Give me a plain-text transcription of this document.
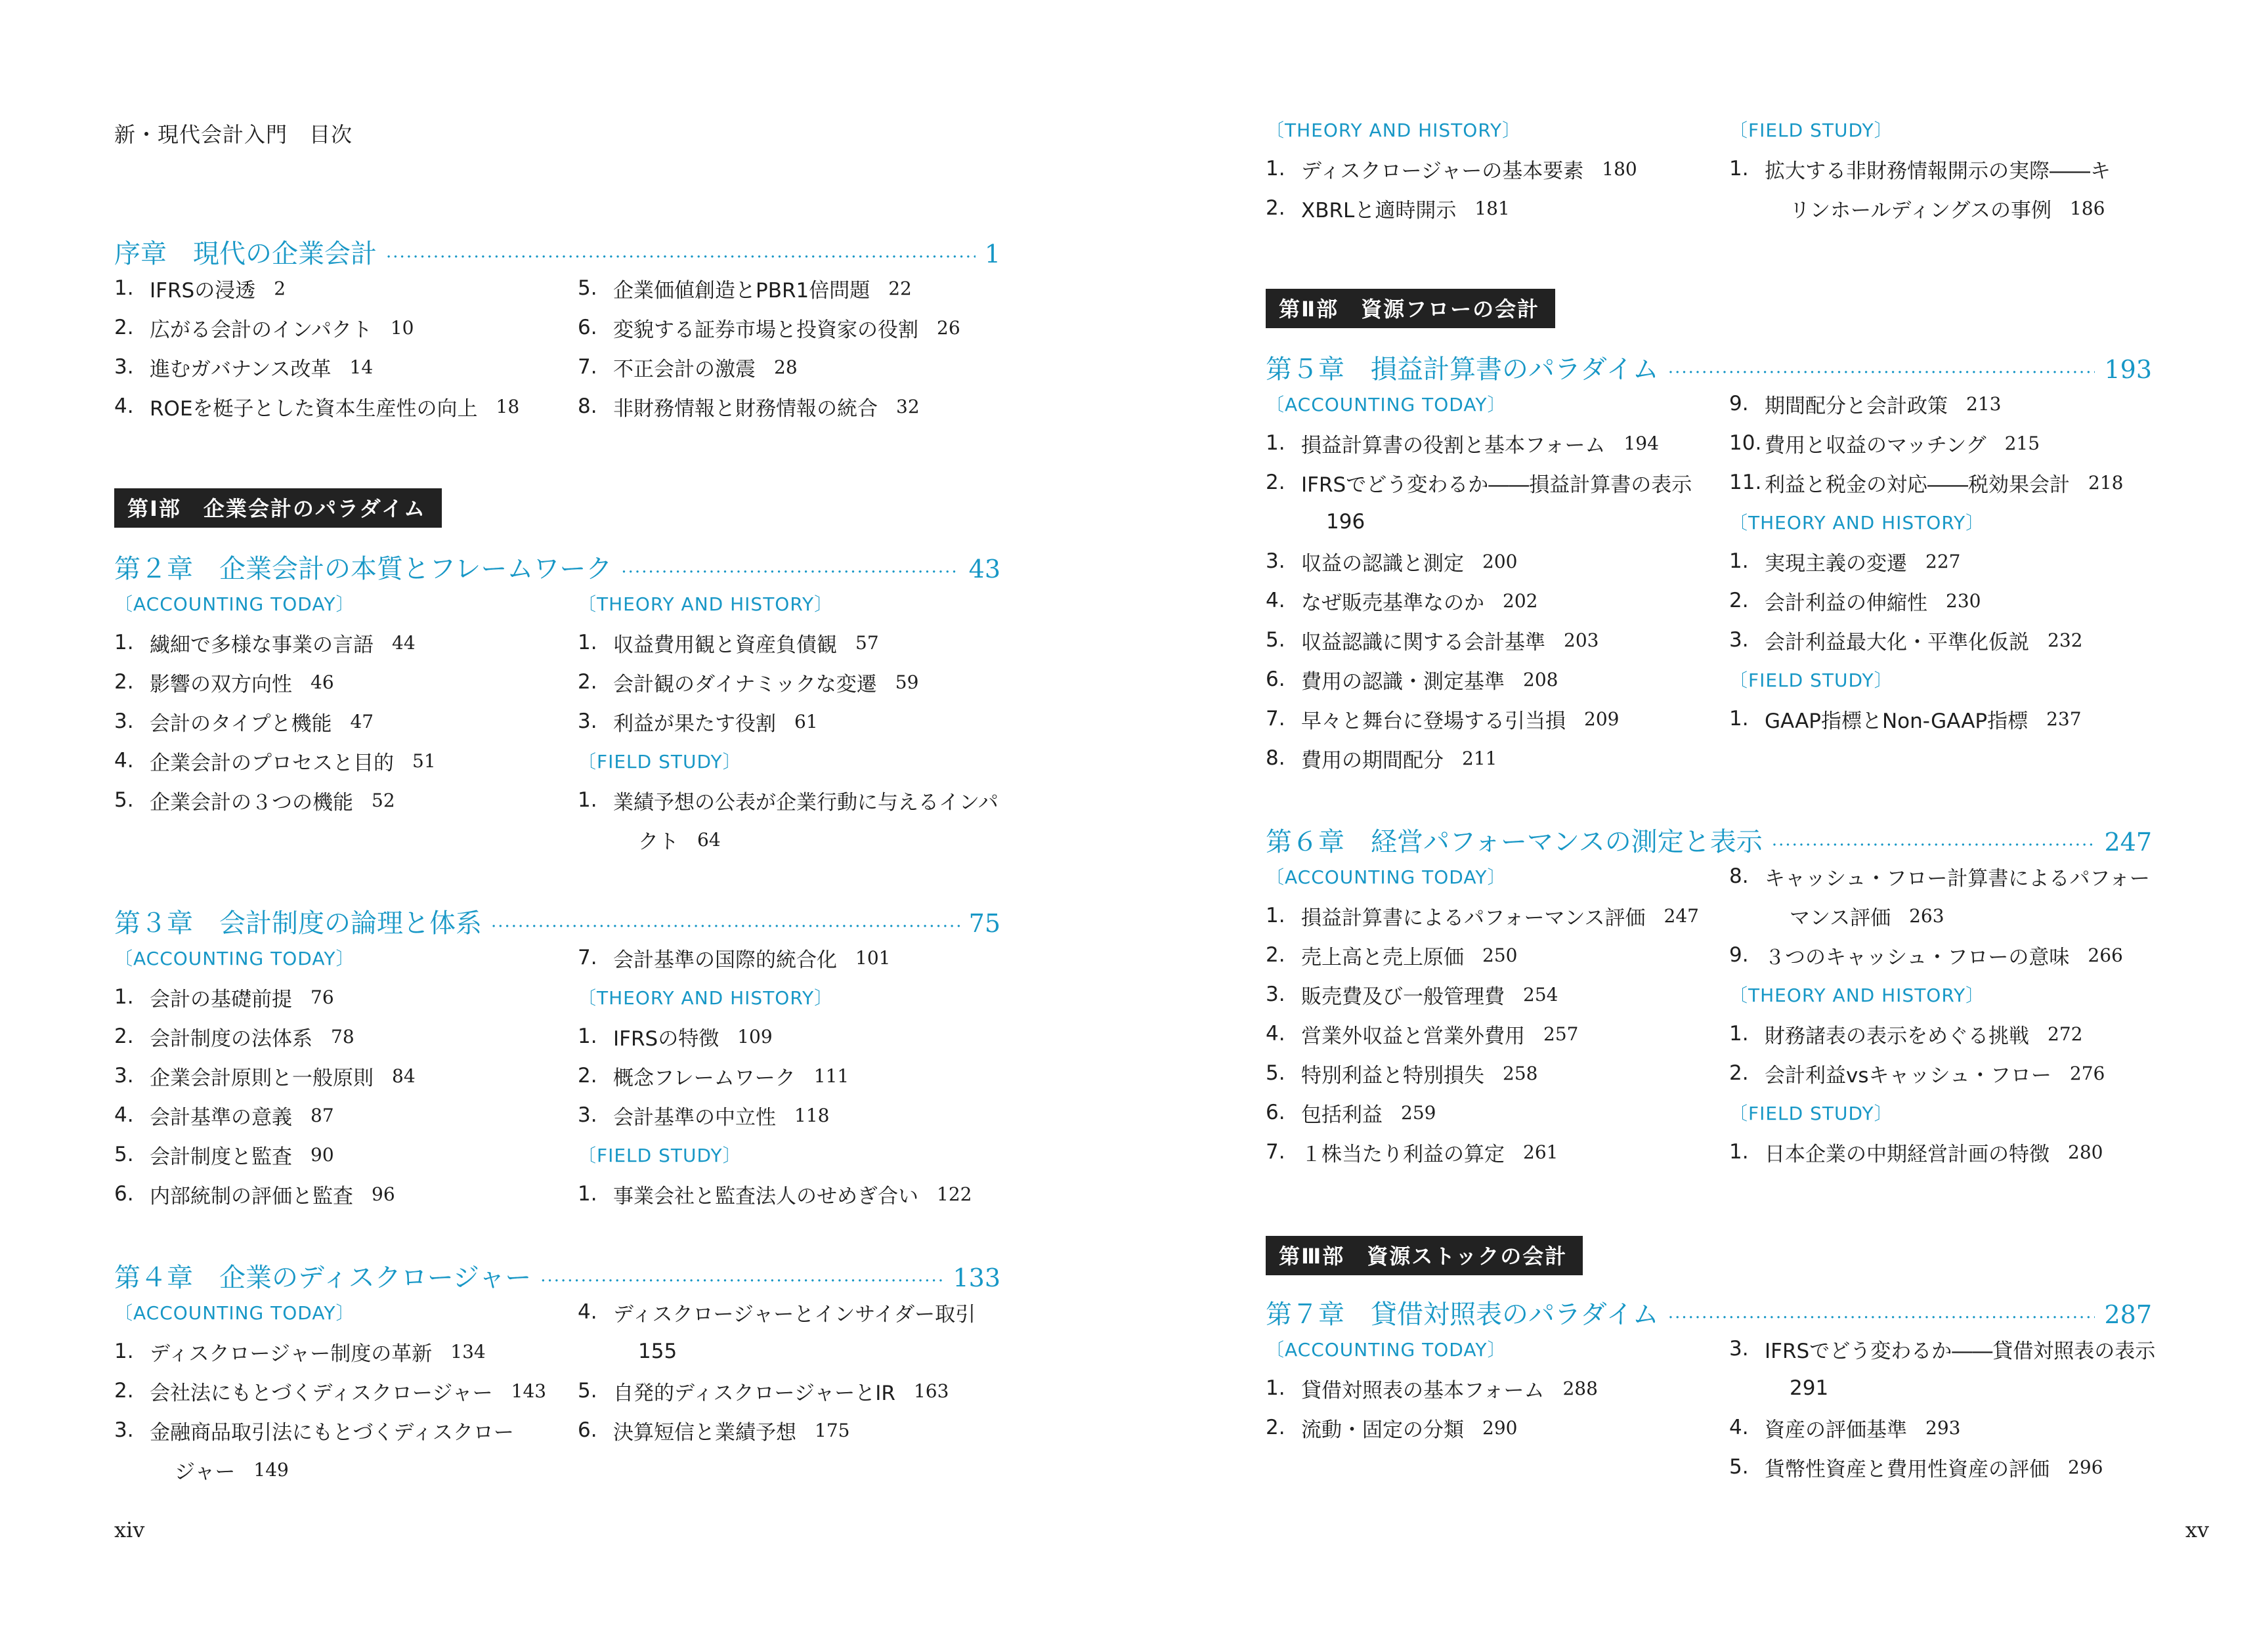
新・現代会計入門　目次
xiv
序章　現代の企業会計 ·····	1
1. IFRSの浸透 2
2. 広がる会計のインパクト 10
3. 進むガバナンス改革 14
4. ROEを梃子とした資本生産性の向上 18
5. 企業価値創造とPBR1倍問題 22
6. 変貌する証券市場と投資家の役割 26
7. 不正会計の激震 28
8. 非財務情報と財務情報の統合 32
第Ⅰ部　企業会計のパラダイム
第２章　企業会計の本質とフレームワーク ·····	43
〔ACCOUNTING TODAY〕
1. 繊細で多様な事業の言語 44
2. 影響の双方向性 46
3. 会計のタイプと機能 47
4. 企業会計のプロセスと目的 51
5. 企業会計の３つの機能 52
〔THEORY AND HISTORY〕
1. 収益費用観と資産負債観 57
2. 会計観のダイナミックな変遷 59
3. 利益が果たす役割 61
〔FIELD STUDY〕
1. 業績予想の公表が企業行動に与えるインパ
クト 64
第３章　会計制度の論理と体系 ·····	75
〔ACCOUNTING TODAY〕
1. 会計の基礎前提 76
2. 会計制度の法体系 78
3. 企業会計原則と一般原則 84
4. 会計基準の意義 87
5. 会計制度と監査 90
6. 内部統制の評価と監査 96
7. 会計基準の国際的統合化 101
〔THEORY AND HISTORY〕
1. IFRSの特徴 109
2. 概念フレームワーク 111
3. 会計基準の中立性 118
〔FIELD STUDY〕
1. 事業会社と監査法人のせめぎ合い 122
第４章　企業のディスクロージャー ·····	133
〔ACCOUNTING TODAY〕
1. ディスクロージャー制度の革新 134
2. 会社法にもとづくディスクロージャー 143
3. 金融商品取引法にもとづくディスクロー
ジャー 149
4. ディスクロージャーとインサイダー取引
155
5. 自発的ディスクロージャーとIR 163
6. 決算短信と業績予想 175
xv
〔THEORY AND HISTORY〕
1. ディスクロージャーの基本要素 180
2. XBRLと適時開示 181
〔FIELD STUDY〕
1. 拡大する非財務情報開示の実際――キ
リンホールディングスの事例 186
第Ⅱ部　資源フローの会計
第５章　損益計算書のパラダイム ·····	193
〔ACCOUNTING TODAY〕
1. 損益計算書の役割と基本フォーム 194
2. IFRSでどう変わるか――損益計算書の表示
196
3. 収益の認識と測定 200
4. なぜ販売基準なのか 202
5. 収益認識に関する会計基準 203
6. 費用の認識・測定基準 208
7. 早々と舞台に登場する引当損 209
8. 費用の期間配分 211
9. 期間配分と会計政策 213
10. 費用と収益のマッチング 215
11. 利益と税金の対応――税効果会計 218
〔THEORY AND HISTORY〕
1. 実現主義の変遷 227
2. 会計利益の伸縮性 230
3. 会計利益最大化・平準化仮説 232
〔FIELD STUDY〕
1. GAAP指標とNon-GAAP指標 237
第６章　経営パフォーマンスの測定と表示 ·····	247
〔ACCOUNTING TODAY〕
1. 損益計算書によるパフォーマンス評価 247
2. 売上高と売上原価 250
3. 販売費及び一般管理費 254
4. 営業外収益と営業外費用 257
5. 特別利益と特別損失 258
6. 包括利益 259
7. １株当たり利益の算定 261
8. キャッシュ・フロー計算書によるパフォー
マンス評価 263
9. ３つのキャッシュ・フローの意味 266
〔THEORY AND HISTORY〕
1. 財務諸表の表示をめぐる挑戦 272
2. 会計利益vsキャッシュ・フロー 276
〔FIELD STUDY〕
1. 日本企業の中期経営計画の特徴 280
第Ⅲ部　資源ストックの会計
第７章　貸借対照表のパラダイム ·····	287
〔ACCOUNTING TODAY〕
1. 貸借対照表の基本フォーム 288
2. 流動・固定の分類 290
3. IFRSでどう変わるか――貸借対照表の表示
291
4. 資産の評価基準 293
5. 貨幣性資産と費用性資産の評価 296
